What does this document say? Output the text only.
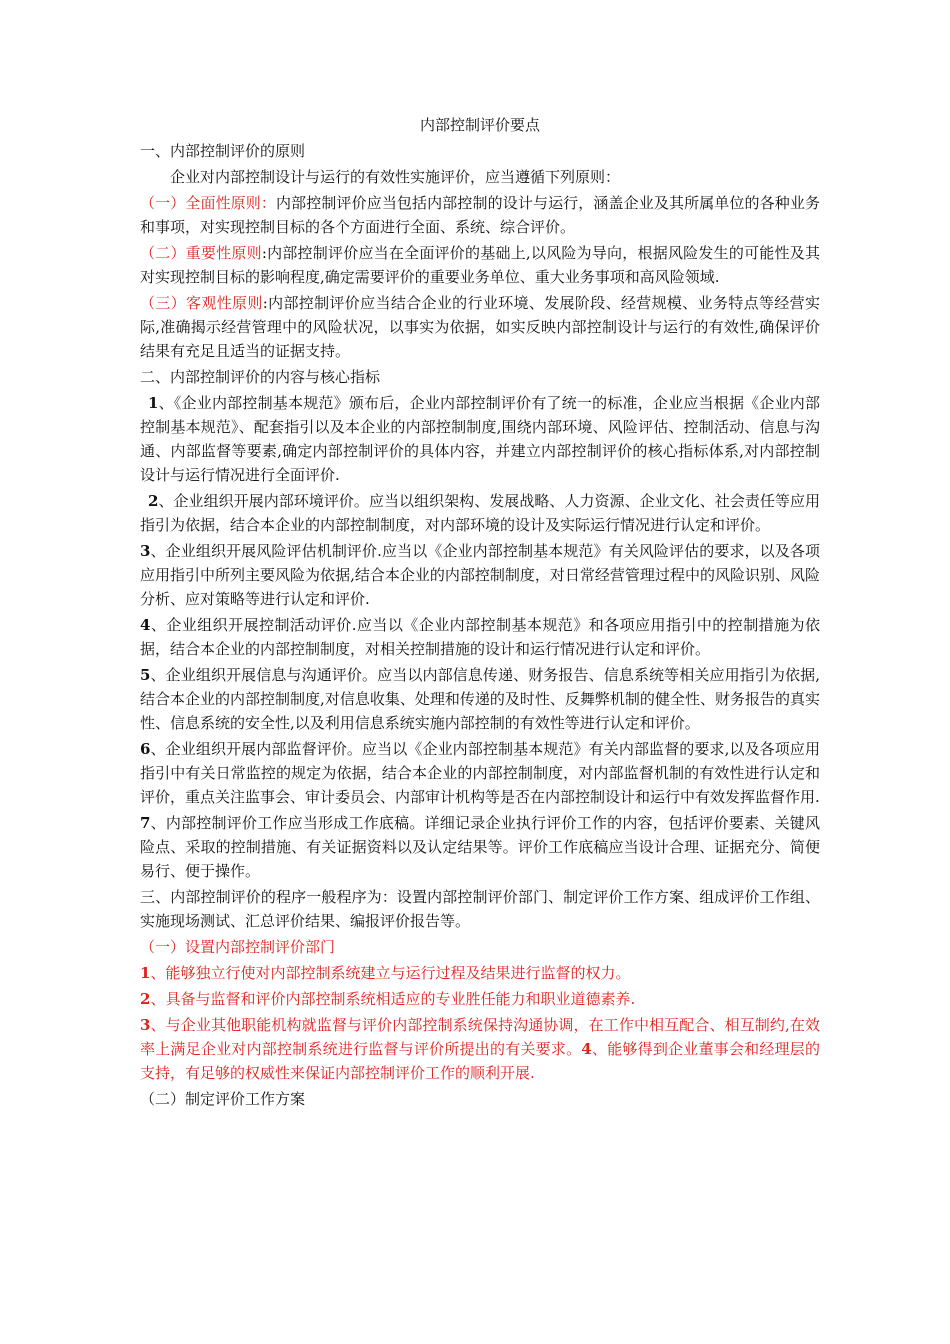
内部控制评价要点
一、内部控制评价的原则
企业对内部控制设计与运行的有效性实施评价，应当遵循下列原则：
（一）全面性原则：内部控制评价应当包括内部控制的设计与运行，涵盖企业及其所属单位的各种业务和事项，对实现控制目标的各个方面进行全面、系统、综合评价。
（二）重要性原则:内部控制评价应当在全面评价的基础上,以风险为导向，根据风险发生的可能性及其对实现控制目标的影响程度,确定需要评价的重要业务单位、重大业务事项和高风险领域.
（三）客观性原则:内部控制评价应当结合企业的行业环境、发展阶段、经营规模、业务特点等经营实际,准确揭示经营管理中的风险状况，以事实为依据，如实反映内部控制设计与运行的有效性,确保评价结果有充足且适当的证据支持。
二、内部控制评价的内容与核心指标
1、《企业内部控制基本规范》颁布后，企业内部控制评价有了统一的标准，企业应当根据《企业内部控制基本规范》、配套指引以及本企业的内部控制制度,围绕内部环境、风险评估、控制活动、信息与沟通、内部监督等要素,确定内部控制评价的具体内容，并建立内部控制评价的核心指标体系,对内部控制设计与运行情况进行全面评价.
2、企业组织开展内部环境评价。应当以组织架构、发展战略、人力资源、企业文化、社会责任等应用指引为依据，结合本企业的内部控制制度，对内部环境的设计及实际运行情况进行认定和评价。
3、企业组织开展风险评估机制评价.应当以《企业内部控制基本规范》有关风险评估的要求，以及各项应用指引中所列主要风险为依据,结合本企业的内部控制制度，对日常经营管理过程中的风险识别、风险分析、应对策略等进行认定和评价.
4、企业组织开展控制活动评价.应当以《企业内部控制基本规范》和各项应用指引中的控制措施为依据，结合本企业的内部控制制度，对相关控制措施的设计和运行情况进行认定和评价。
5、企业组织开展信息与沟通评价。应当以内部信息传递、财务报告、信息系统等相关应用指引为依据,结合本企业的内部控制制度,对信息收集、处理和传递的及时性、反舞弊机制的健全性、财务报告的真实性、信息系统的安全性,以及利用信息系统实施内部控制的有效性等进行认定和评价。
6、企业组织开展内部监督评价。应当以《企业内部控制基本规范》有关内部监督的要求,以及各项应用指引中有关日常监控的规定为依据，结合本企业的内部控制制度，对内部监督机制的有效性进行认定和评价，重点关注监事会、审计委员会、内部审计机构等是否在内部控制设计和运行中有效发挥监督作用.
7、内部控制评价工作应当形成工作底稿。详细记录企业执行评价工作的内容，包括评价要素、关键风险点、采取的控制措施、有关证据资料以及认定结果等。评价工作底稿应当设计合理、证据充分、简便易行、便于操作。
三、内部控制评价的程序一般程序为：设置内部控制评价部门、制定评价工作方案、组成评价工作组、实施现场测试、汇总评价结果、编报评价报告等。
（一）设置内部控制评价部门
1、能够独立行使对内部控制系统建立与运行过程及结果进行监督的权力。
2、具备与监督和评价内部控制系统相适应的专业胜任能力和职业道德素养.
3、与企业其他职能机构就监督与评价内部控制系统保持沟通协调，在工作中相互配合、相互制约,在效率上满足企业对内部控制系统进行监督与评价所提出的有关要求。4、能够得到企业董事会和经理层的支持，有足够的权威性来保证内部控制评价工作的顺利开展.
（二）制定评价工作方案
